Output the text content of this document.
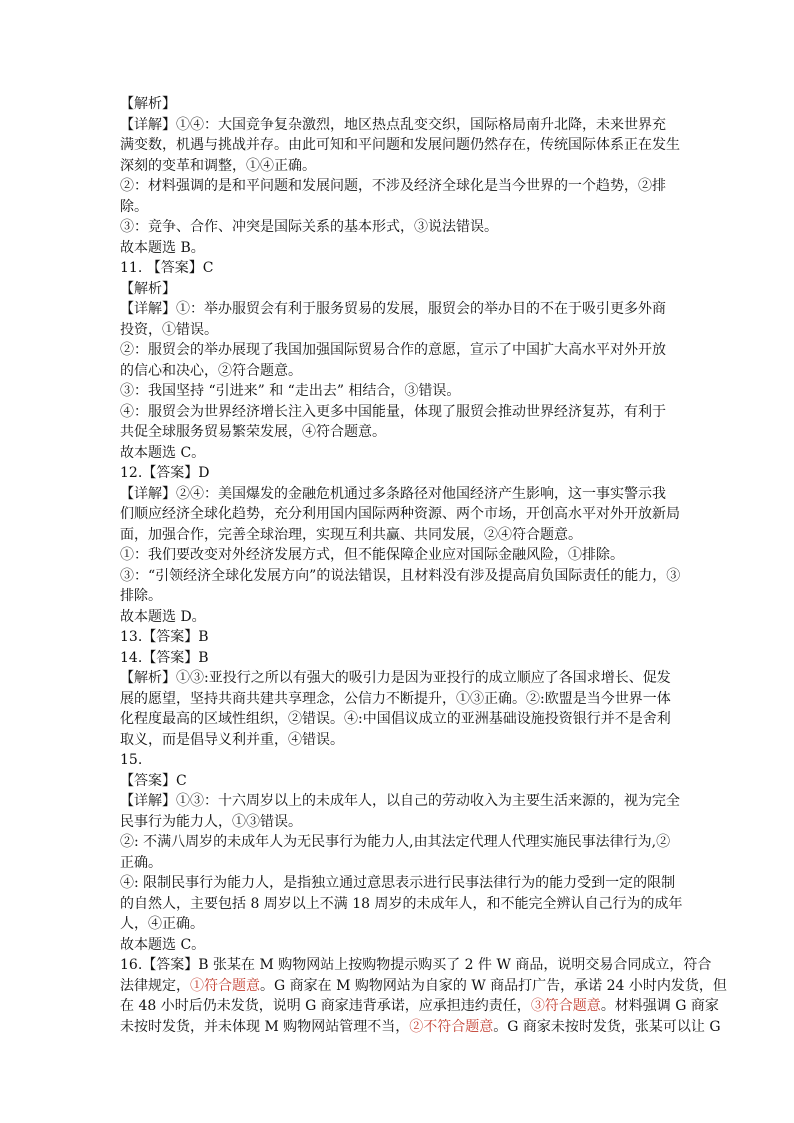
【解析】

【详解】①④：大国竞争复杂激烈，地区热点乱变交织，国际格局南升北降，未来世界充

满变数，机遇与挑战并存。由此可知和平问题和发展问题仍然存在，传统国际体系正在发生

深刻的变革和调整，①④正确。

②：材料强调的是和平问题和发展问题，不涉及经济全球化是当今世界的一个趋势，②排

除。

③：竞争、合作、冲突是国际关系的基本形式，③说法错误。

故本题选 B。

11. 【答案】C

【解析】

【详解】①：举办服贸会有利于服务贸易的发展，服贸会的举办目的不在于吸引更多外商

投资，①错误。

②：服贸会的举办展现了我国加强国际贸易合作的意愿，宣示了中国扩大高水平对外开放

的信心和决心，②符合题意。

③：我国坚持 “引进来” 和 “走出去” 相结合，③错误。

④：服贸会为世界经济增长注入更多中国能量，体现了服贸会推动世界经济复苏，有利于

共促全球服务贸易繁荣发展，④符合题意。

故本题选 C。

12.【答案】D

【详解】②④：美国爆发的金融危机通过多条路径对他国经济产生影响，这一事实警示我

们顺应经济全球化趋势，充分利用国内国际两种资源、两个市场，开创高水平对外开放新局

面，加强合作，完善全球治理，实现互利共赢、共同发展，②④符合题意。

①：我们要改变对外经济发展方式，但不能保障企业应对国际金融风险，①排除。

③：“引领经济全球化发展方向”的说法错误，且材料没有涉及提高肩负国际责任的能力，③

排除。

故本题选 D。

13.【答案】B

14.【答案】B

【解析】①③:亚投行之所以有强大的吸引力是因为亚投行的成立顺应了各国求增长、促发

展的愿望，坚持共商共建共享理念，公信力不断提升，①③正确。②:欧盟是当今世界一体

化程度最高的区域性组织，②错误。④:中国倡议成立的亚洲基础设施投资银行并不是舍利

取义，而是倡导义利并重，④错误。

15.

【答案】C

【详解】①③：十六周岁以上的未成年人，以自己的劳动收入为主要生活来源的，视为完全

民事行为能力人，①③错误。

②: 不满八周岁的未成年人为无民事行为能力人,由其法定代理人代理实施民事法律行为,②

正确。

④: 限制民事行为能力人，是指独立通过意思表示进行民事法律行为的能力受到一定的限制

的自然人，主要包括 8 周岁以上不满 18 周岁的未成年人，和不能完全辨认自己行为的成年

人，④正确。

故本题选 C。

16.【答案】B 张某在 M 购物网站上按购物提示购买了 2 件 W 商品，说明交易合同成立，符合

法律规定，①符合题意。G 商家在 M 购物网站为自家的 W 商品打广告，承诺 24 小时内发货，但

在 48 小时后仍未发货，说明 G 商家违背承诺，应承担违约责任，③符合题意。材料强调 G 商家

未按时发货，并未体现 M 购物网站管理不当，②不符合题意。G 商家未按时发货，张某可以让 G
